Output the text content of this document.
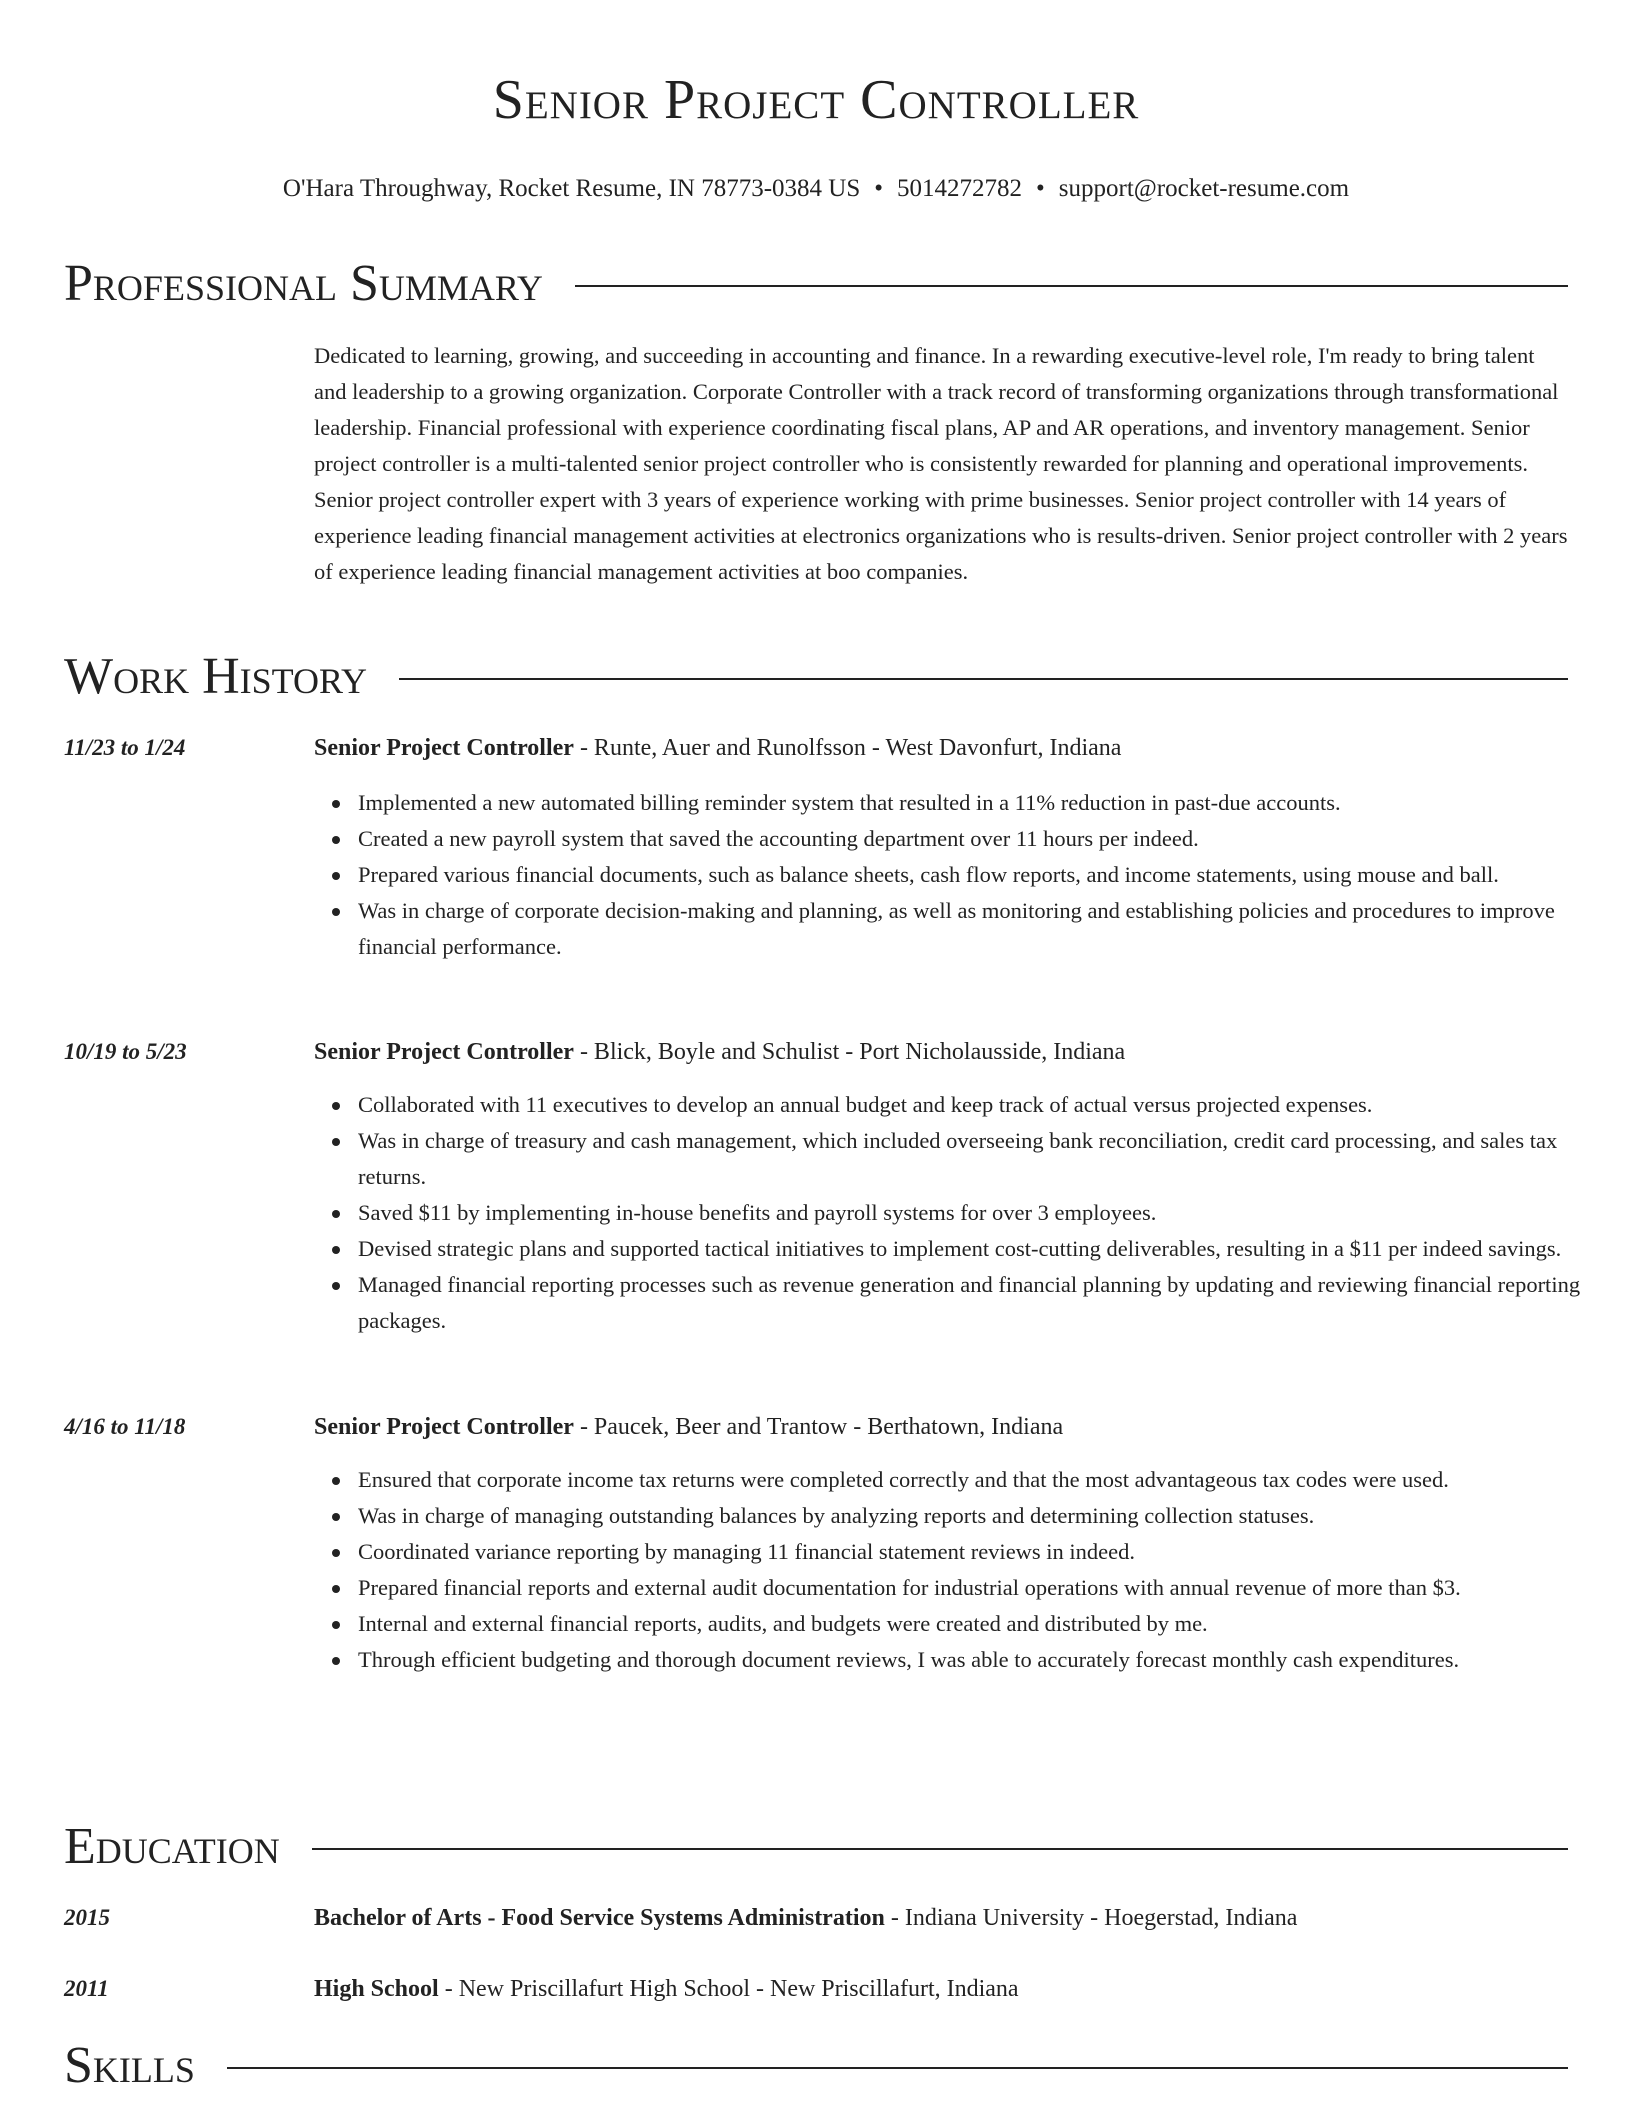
Senior Project Controller
O'Hara Throughway, Rocket Resume, IN 78773-0384 US • 5014272782 • support@rocket-resume.com
Professional Summary

Dedicated to learning, growing, and succeeding in accounting and finance. In a rewarding executive-level role, I'm ready to bring talent and leadership to a growing organization. Corporate Controller with a track record of transforming organizations through transformational leadership. Financial professional with experience coordinating fiscal plans, AP and AR operations, and inventory management. Senior project controller is a multi-talented senior project controller who is consistently rewarded for planning and operational improvements. Senior project controller expert with 3 years of experience working with prime businesses. Senior project controller with 14 years of experience leading financial management activities at electronics organizations who is results-driven. Senior project controller with 2 years of experience leading financial management activities at boo companies.

Work History
11/23 to 1/24	Senior Project Controller - Runte, Auer and Runolfsson - West Davonfurt, Indiana
Implemented a new automated billing reminder system that resulted in a 11% reduction in past-due accounts.
Created a new payroll system that saved the accounting department over 11 hours per indeed.
Prepared various financial documents, such as balance sheets, cash flow reports, and income statements, using mouse and ball.
Was in charge of corporate decision-making and planning, as well as monitoring and establishing policies and procedures to improve financial performance.
10/19 to 5/23	Senior Project Controller - Blick, Boyle and Schulist - Port Nicholausside, Indiana
Collaborated with 11 executives to develop an annual budget and keep track of actual versus projected expenses.
Was in charge of treasury and cash management, which included overseeing bank reconciliation, credit card processing, and sales tax returns.
Saved $11 by implementing in-house benefits and payroll systems for over 3 employees.
Devised strategic plans and supported tactical initiatives to implement cost-cutting deliverables, resulting in a $11 per indeed savings.
Managed financial reporting processes such as revenue generation and financial planning by updating and reviewing financial reporting packages.
4/16 to 11/18	Senior Project Controller - Paucek, Beer and Trantow - Berthatown, Indiana
Ensured that corporate income tax returns were completed correctly and that the most advantageous tax codes were used.
Was in charge of managing outstanding balances by analyzing reports and determining collection statuses.
Coordinated variance reporting by managing 11 financial statement reviews in indeed.
Prepared financial reports and external audit documentation for industrial operations with annual revenue of more than $3.
Internal and external financial reports, audits, and budgets were created and distributed by me.
Through efficient budgeting and thorough document reviews, I was able to accurately forecast monthly cash expenditures.
Education
2015	Bachelor of Arts - Food Service Systems Administration - Indiana University - Hoegerstad, Indiana
2011	High School - New Priscillafurt High School - New Priscillafurt, Indiana
Skills
